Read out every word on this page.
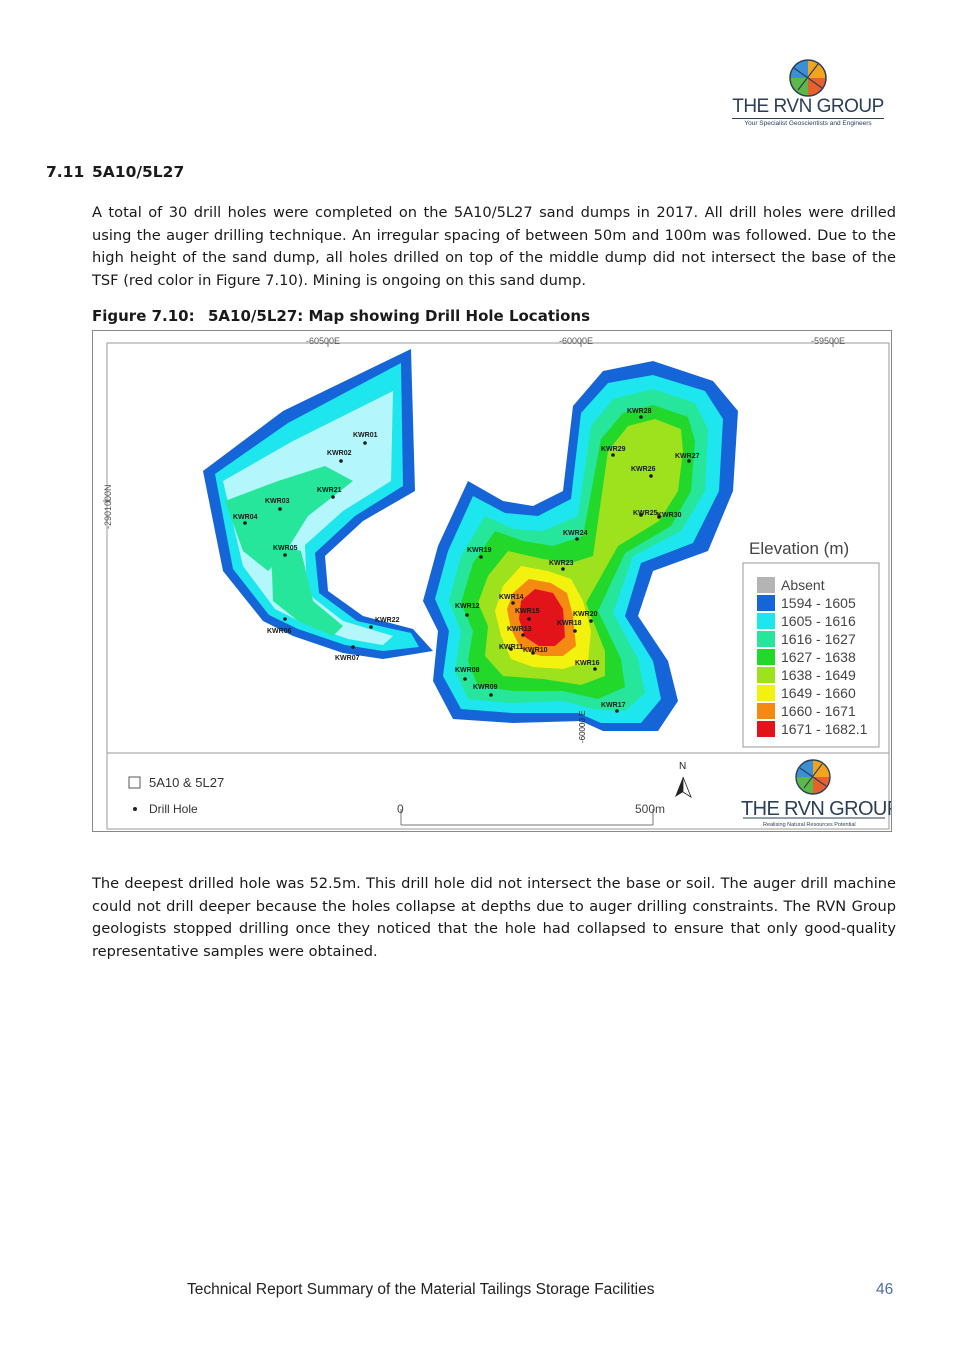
THE RVN GROUP
Your Specialist Geoscientists and Engineers
7.11 5A10/5L27

A total of 30 drill holes were completed on the 5A10/5L27 sand dumps in 2017. All drill holes were drilled using the auger drilling technique. An irregular spacing of between 50m and 100m was followed. Due to the high height of the sand dump, all holes drilled on top of the middle dump did not intersect the base of the TSF (red color in Figure 7.10). Mining is ongoing on this sand dump.

Figure 7.10: 5A10/5L27: Map showing Drill Hole Locations
-60500E	-60000E	-59500E
-2901000N
KWR01
KWR02
KWR03
KWR04
KWR05
KWR06
KWR07
KWR08
KWR09
KWR10
KWR11
KWR12
KWR13
KWR14
KWR15
KWR16
KWR17
KWR18
KWR19
KWR20
KWR21
KWR22
KWR23
KWR24
KWR25
KWR26
KWR27
KWR28
KWR29
KWR30
-60000 E
Elevation (m)
Absent
1594 - 1605
1605 - 1616
1616 - 1627
1627 - 1638
1638 - 1649
1649 - 1660
1660 - 1671
1671 - 1682.1
5A10 & 5L27
Drill Hole	0	500m
N
THE RVN GROUP
Realising Natural Resources Potential

The deepest drilled hole was 52.5m. This drill hole did not intersect the base or soil. The auger drill machine could not drill deeper because the holes collapse at depths due to auger drilling constraints. The RVN Group geologists stopped drilling once they noticed that the hole had collapsed to ensure that only good-quality representative samples were obtained.

Technical Report Summary of the Material Tailings Storage Facilities	46
